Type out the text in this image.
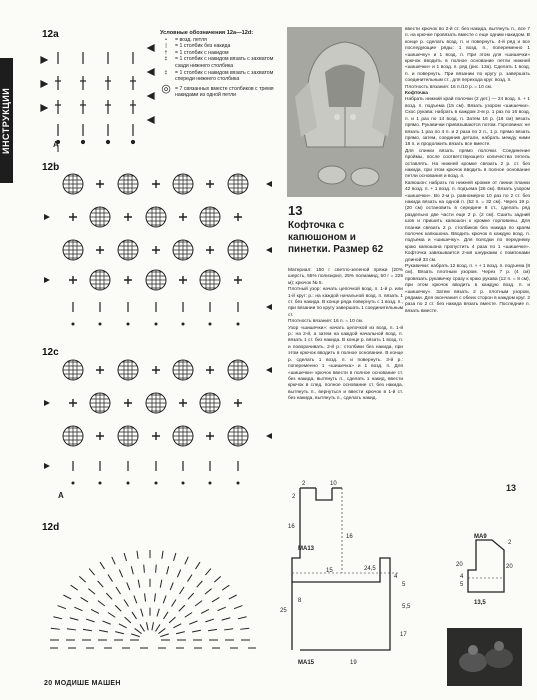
ИНСТРУКЦИИ
12a
12b
12c
12d
A
Условные обозначения 12а—12d:
•	= возд. петля
|	= 1 столбик без накида
†	= 1 столбик с накидом
‡	= 1 столбик с накидом вязать с захватом сзади нижнего столбика
‡	= 1 столбик с накидом вязать с захватом спереди нижнего столбика
◎ = 7 связанных вместе столбиков с тремя накидами из одной петли
A
13
Кофточка с капюшоном и пинетки. Размер 62

Материал: 150 г светло-зеленой пряжи (20% шерсть, 55% полиэкрил, 25% полиамид, 50 г = 225 м); крючок № 5.

Плотный узор: начать цепочкой возд. п. 1-й р. или 1-й круг: р.: на каждой начальной возд. п. вязать 1 ст. без накида. В конце ряда повернуть с 1 возд. п., при вязании по кругу завершать 1 соединительным ст.

Плотность вязания: 16 п. = 10 см.

Узор «шишечки»: начать цепочкой из возд. п. 1-й р.: на 2-й, а затем на каждой начальной возд. п. вязать 1 ст. без накида. В конце р. вязать 1 возд. п. и поворачивать. 2-й р.: столбики без накида, при этом крючок вводить в полное основание. В конце р. сделать 1 возд. п. и повернуть. 3-й р.: попеременно 1 «шишечка» и 1 возд. п. Для «шишечки» крючок ввести в полное основание ст. без накида, вытянуть п., сделать 1 накид, ввести крючок в след. полное основание ст. без накида, вытянуть п., вернуться и ввести крючок в 1-й ст. без накида, вытянуть п., сделать накид.

ввести крючок во 2-й ст. без накида, вытянуть п., все 7 п. на крючке провязать вместе с еще одним накидом. В конце р. сделать возд. п. и повернуть. 4-й ряд и все последующие ряды: 1 возд. п., попеременно 1 «шишечку» и 1 возд. п. При этом для «шишечки» крючок вводить в полное основание петли нижней «шишечки» и 1 возд. п. ряд (рис. 13а). Сделать 1 возд. п. и повернуть. При вязании по кругу р. завершать соединительным ст., для перехода круг. возд. п.

Плотность вязания: 16 п./10 р. = 10 см.

Кофточка

Набрать нижний край полочки (2 дет.) — 24 возд. п. + 1 возд. п. подъема (15 см). Вязать узором «шишечки». Скос рукава: набрать в каждом 2-м р. 1 раз по 16 возд. п. и 1 раз по 14 возд. п. Затем 16 р. (16 см) вязать прямо. Рукавички привязываются потом. Горловина: не вязать 1 раз по 4 п. и 2 раза по 2 п., 1 р. прямо вязать прямо, затем, соединив детали, набрать между ними 18 п. и продолжить вязать все вместе.

Для спинки вязать прямо полочки. Соединение проймы, после соответствующего количества петель оставлять. На нижней кромке связать 2 р. ст. без накида, при этом крючок вводить в полное основание петли основания и возд. п.

Капюшон: набрать по нижней кромке от линии планки 42 возд. п. + 1 возд. п. подъема (26 см). Вязать узором «шишечки». Во 2-м р. равномерно 10 раз по 2 ст. без накида вязать на одной п. (52 п. = 32 см). Через 19 р. (20 см) остановить в середине 8 ст., сделать ряд раздельно две части еще 2 р. (2 см). Сшить задний шов и пришить капюшон к кромке горловины. Для планки связать 2 р. столбиков без накида по краям полочек капюшона. Вводить крючок в каждую возд. п. подъема и «шишечку». Для поясдки по переднему краю капюшона пропустить 4 раза по 1 «шишечке». Кофточка завязывается 2-мя шнурками с помпонами длиной 33 см.

Рукавички: набрать 12 возд. п. + + 1 возд. п. подъема (8 см). Вязать плотным узором. Через 7 р. (4 см) провязать рукавичку сразу к краю рукава (12 п. = 8 см), при этом крючок вводить в каждую возд. п. и «шишечку». Затем вязать 2 р. плотным узором, рядами. Для окончания с обеих сторон в каждом круг. 2 раза по 2 ст. без накида вязать вместе. Последние п. вязать вместе.

2	10
2
16
16
15	24,5
4
5
5,5
25
17
19
8
МА13
МА15
МА9
20	20
2
5
4
13,5
13
20 МОДИШЕ МАШЕН
